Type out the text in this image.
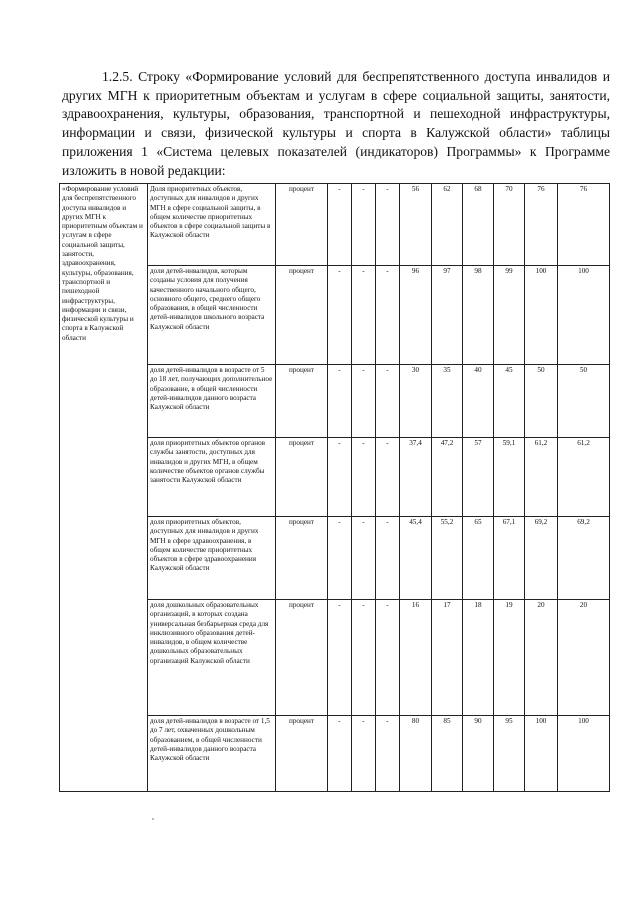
1.2.5. Строку «Формирование условий для беспрепятственного доступа инвалидов и других МГН к приоритетным объектам и услугам в сфере социальной защиты, занятости, здравоохранения, культуры, образования, транспортной и пешеходной инфраструктуры, информации и связи, физической культуры и спорта в Калужской области» таблицы приложения 1 «Система целевых показателей (индикаторов) Программы» к Программе изложить в новой редакции:

«Формирование условий для беспрепятственного доступа инвалидов и других МГН к приоритетным объектам и услугам в сфере социальной защиты, занятости, здравоохранения, культуры, образования, транспортной и пешеходной инфраструктуры, информации и связи, физической культуры и спорта в Калужской области	Доля приоритетных объектов, доступных для инвалидов и других МГН в сфере социальной защиты, в общем количестве приоритетных объектов в сфере социальной защиты в Калужской области	процент	-	-	-	56	62	68	70	76	76
	доля детей-инвалидов, которым созданы условия для получения качественного начального общего, основного общего, среднего общего образования, в общей численности детей-инвалидов школьного возраста Калужской области	процент	-	-	-	96	97	98	99	100	100
	доля детей-инвалидов в возрасте от 5 до 18 лет, получающих дополнительное образование, в общей численности детей-инвалидов данного возраста Калужской области	процент	-	-	-	30	35	40	45	50	50
	доля приоритетных объектов органов службы занятости, доступных для инвалидов и других МГН, в общем количестве объектов органов службы занятости Калужской области	процент	-	-	-	37,4	47,2	57	59,1	61,2	61,2
	доля приоритетных объектов, доступных для инвалидов и других МГН в сфере здравоохранения, в общем количестве приоритетных объектов в сфере здравоохранения Калужской области	процент	-	-	-	45,4	55,2	65	67,1	69,2	69,2
	доля дошкольных образовательных организаций, в которых создана универсальная безбарьерная среда для инклюзивного образования детей-инвалидов, в общем количестве дошкольных образовательных организаций Калужской области	процент	-	-	-	16	17	18	19	20	20
	доля детей-инвалидов в возрасте от 1,5 до 7 лет, охваченных дошкольным образованием, в общей численности детей-инвалидов данного возраста Калужской области	процент	-	-	-	80	85	90	95	100	100
